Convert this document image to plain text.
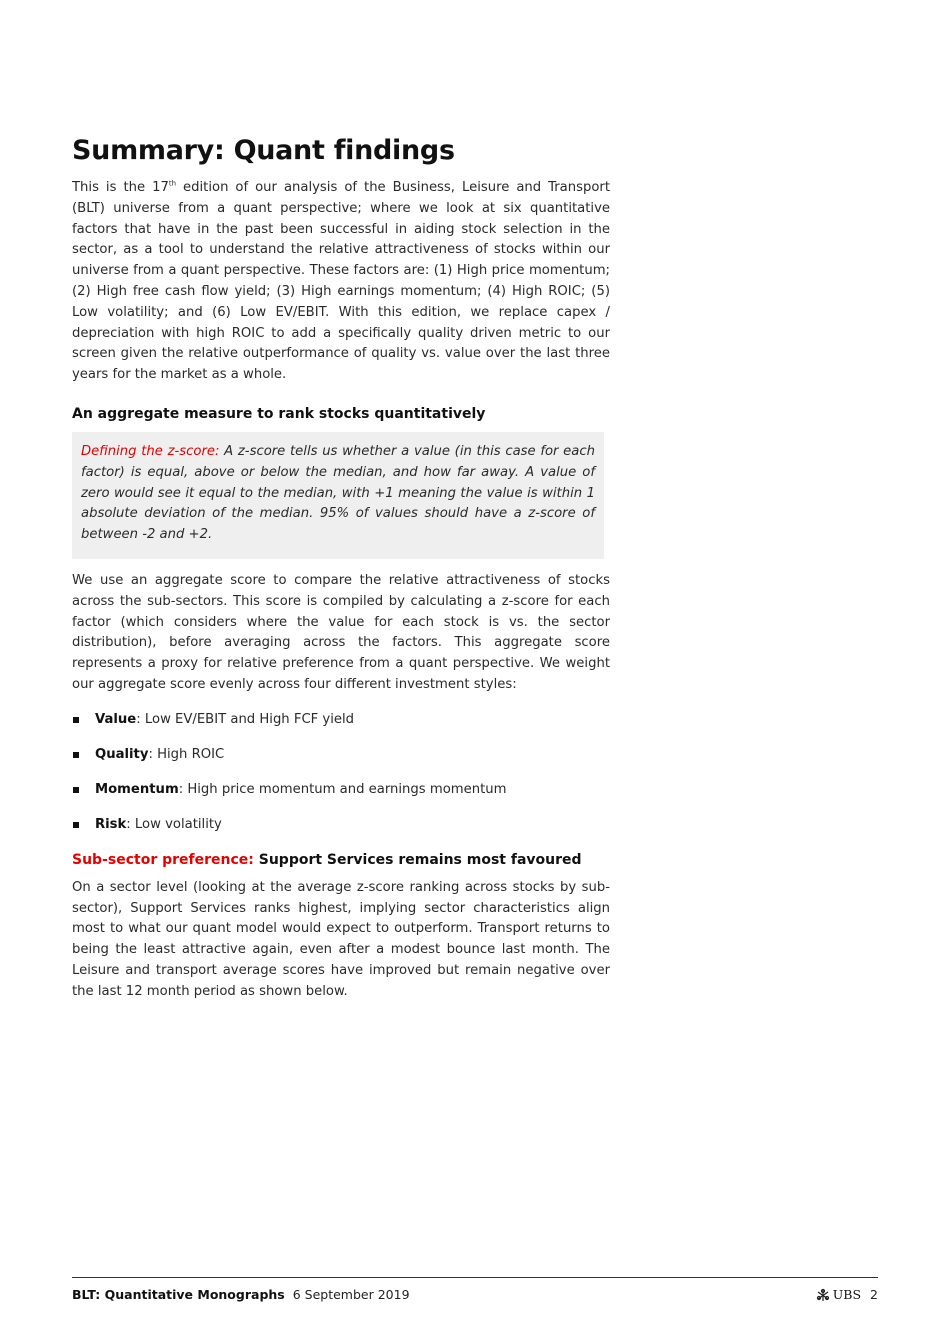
Summary: Quant findings

This is the 17th edition of our analysis of the Business, Leisure and Transport (BLT) universe from a quant perspective; where we look at six quantitative factors that have in the past been successful in aiding stock selection in the sector, as a tool to understand the relative attractiveness of stocks within our universe from a quant perspective. These factors are: (1) High price momentum; (2) High free cash flow yield; (3) High earnings momentum; (4) High ROIC; (5) Low volatility; and (6) Low EV/EBIT. With this edition, we replace capex / depreciation with high ROIC to add a specifically quality driven metric to our screen given the relative outperformance of quality vs. value over the last three years for the market as a whole.

An aggregate measure to rank stocks quantitatively

Defining the z-score: A z-score tells us whether a value (in this case for each factor) is equal, above or below the median, and how far away. A value of zero would see it equal to the median, with +1 meaning the value is within 1 absolute deviation of the median. 95% of values should have a z-score of between -2 and +2.

We use an aggregate score to compare the relative attractiveness of stocks across the sub-sectors. This score is compiled by calculating a z-score for each factor (which considers where the value for each stock is vs. the sector distribution), before averaging across the factors. This aggregate score represents a proxy for relative preference from a quant perspective. We weight our aggregate score evenly across four different investment styles:

Value: Low EV/EBIT and High FCF yield
Quality: High ROIC
Momentum: High price momentum and earnings momentum
Risk: Low volatility
Sub-sector preference: Support Services remains most favoured

On a sector level (looking at the average z-score ranking across stocks by sub-sector), Support Services ranks highest, implying sector characteristics align most to what our quant model would expect to outperform. Transport returns to being the least attractive again, even after a modest bounce last month. The Leisure and transport average scores have improved but remain negative over the last 12 month period as shown below.

BLT: Quantitative Monographs 6 September 2019	UBS 2
